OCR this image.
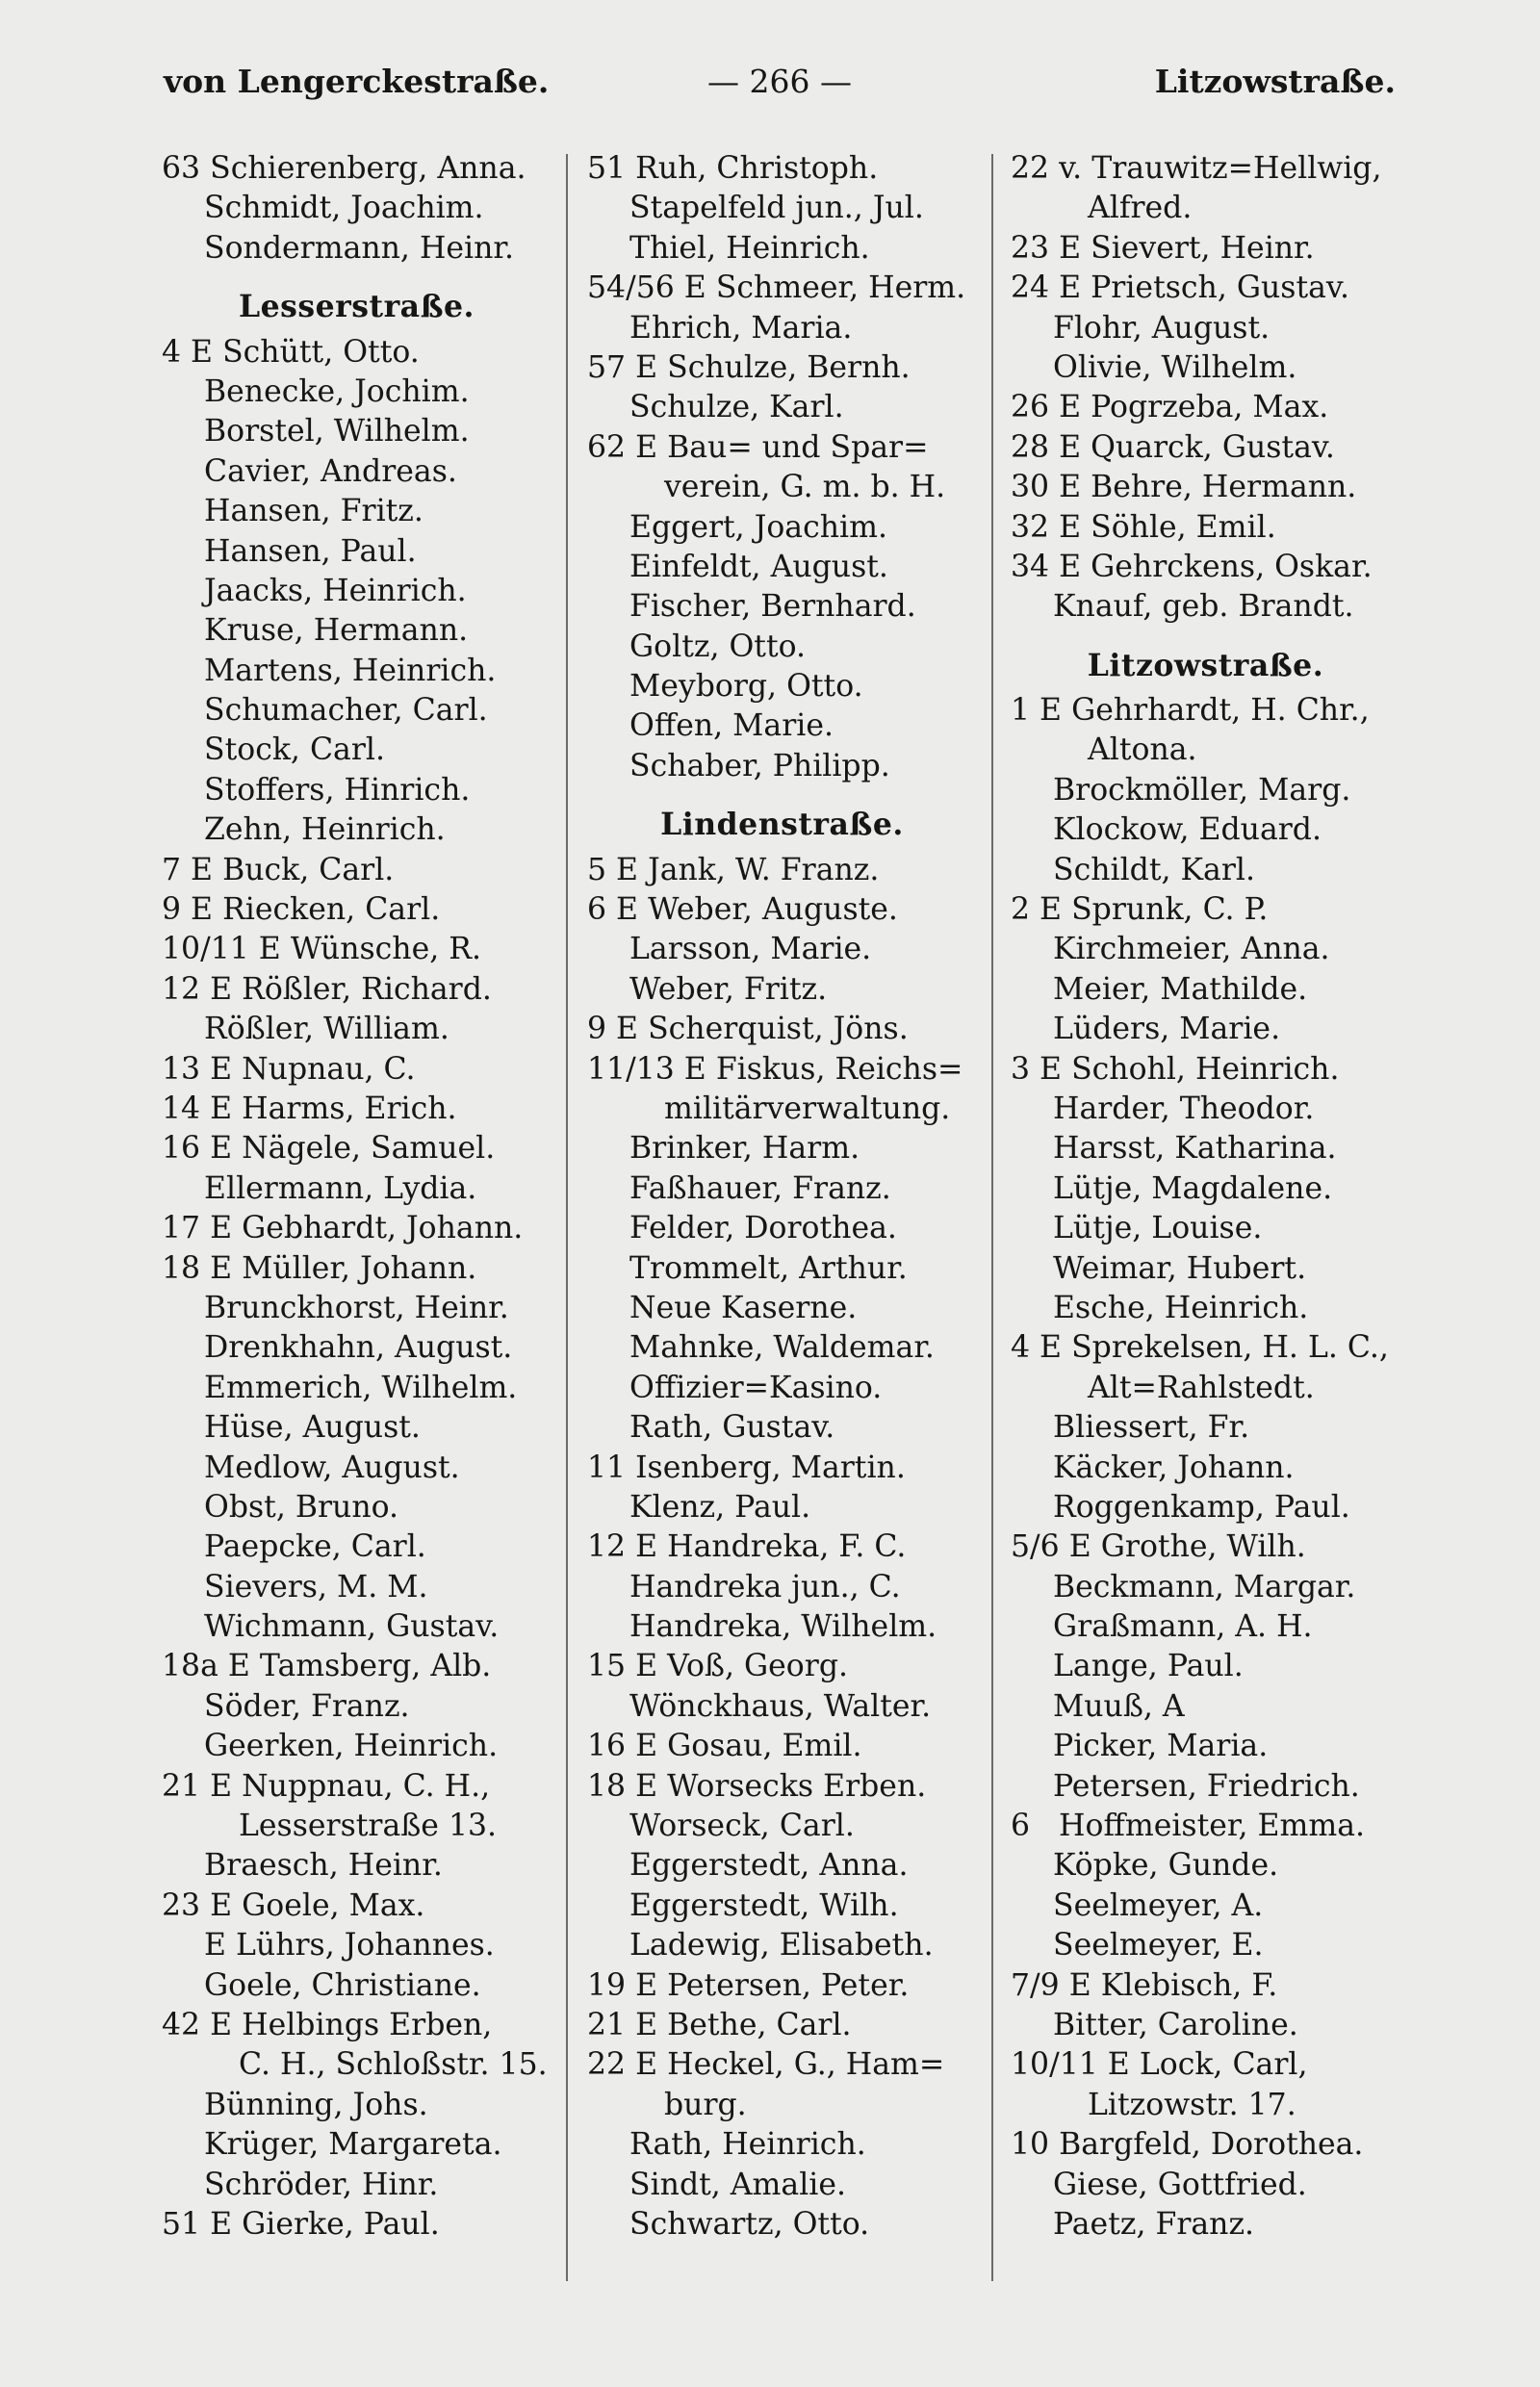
von Lengerckestraße.	— 266 —	Litzowstraße.
63 Schierenberg, Anna.
Schmidt, Joachim.
Sondermann, Heinr.
Lesserstraße.
4 E Schütt, Otto.
Benecke, Jochim.
Borstel, Wilhelm.
Cavier, Andreas.
Hansen, Fritz.
Hansen, Paul.
Jaacks, Heinrich.
Kruse, Hermann.
Martens, Heinrich.
Schumacher, Carl.
Stock, Carl.
Stoffers, Hinrich.
Zehn, Heinrich.
7 E Buck, Carl.
9 E Riecken, Carl.
10/11 E Wünsche, R.
12 E Rößler, Richard.
Rößler, William.
13 E Nupnau, C.
14 E Harms, Erich.
16 E Nägele, Samuel.
Ellermann, Lydia.
17 E Gebhardt, Johann.
18 E Müller, Johann.
Brunckhorst, Heinr.
Drenkhahn, August.
Emmerich, Wilhelm.
Hüse, August.
Medlow, August.
Obst, Bruno.
Paepcke, Carl.
Sievers, M. M.
Wichmann, Gustav.
18a E Tamsberg, Alb.
Söder, Franz.
Geerken, Heinrich.
21 E Nuppnau, C. H.,
Lesserstraße 13.
Braesch, Heinr.
23 E Goele, Max.
E Lührs, Johannes.
Goele, Christiane.
42 E Helbings Erben,
C. H., Schloßstr. 15.
Bünning, Johs.
Krüger, Margareta.
Schröder, Hinr.
51 E Gierke, Paul.
51 Ruh, Christoph.
Stapelfeld jun., Jul.
Thiel, Heinrich.
54/56 E Schmeer, Herm.
Ehrich, Maria.
57 E Schulze, Bernh.
Schulze, Karl.
62 E Bau= und Spar=
verein, G. m. b. H.
Eggert, Joachim.
Einfeldt, August.
Fischer, Bernhard.
Goltz, Otto.
Meyborg, Otto.
Offen, Marie.
Schaber, Philipp.
Lindenstraße.
5 E Jank, W. Franz.
6 E Weber, Auguste.
Larsson, Marie.
Weber, Fritz.
9 E Scherquist, Jöns.
11/13 E Fiskus, Reichs=
militärverwaltung.
Brinker, Harm.
Faßhauer, Franz.
Felder, Dorothea.
Trommelt, Arthur.
Neue Kaserne.
Mahnke, Waldemar.
Offizier=Kasino.
Rath, Gustav.
11 Isenberg, Martin.
Klenz, Paul.
12 E Handreka, F. C.
Handreka jun., C.
Handreka, Wilhelm.
15 E Voß, Georg.
Wönckhaus, Walter.
16 E Gosau, Emil.
18 E Worsecks Erben.
Worseck, Carl.
Eggerstedt, Anna.
Eggerstedt, Wilh.
Ladewig, Elisabeth.
19 E Petersen, Peter.
21 E Bethe, Carl.
22 E Heckel, G., Ham=
burg.
Rath, Heinrich.
Sindt, Amalie.
Schwartz, Otto.
22 v. Trauwitz=Hellwig,
Alfred.
23 E Sievert, Heinr.
24 E Prietsch, Gustav.
Flohr, August.
Olivie, Wilhelm.
26 E Pogrzeba, Max.
28 E Quarck, Gustav.
30 E Behre, Hermann.
32 E Söhle, Emil.
34 E Gehrckens, Oskar.
Knauf, geb. Brandt.
Litzowstraße.
1 E Gehrhardt, H. Chr.,
Altona.
Brockmöller, Marg.
Klockow, Eduard.
Schildt, Karl.
2 E Sprunk, C. P.
Kirchmeier, Anna.
Meier, Mathilde.
Lüders, Marie.
3 E Schohl, Heinrich.
Harder, Theodor.
Harsst, Katharina.
Lütje, Magdalene.
Lütje, Louise.
Weimar, Hubert.
Esche, Heinrich.
4 E Sprekelsen, H. L. C.,
Alt=Rahlstedt.
Bliessert, Fr.
Käcker, Johann.
Roggenkamp, Paul.
5/6 E Grothe, Wilh.
Beckmann, Margar.
Graßmann, A. H.
Lange, Paul.
Muuß, A
Picker, Maria.
Petersen, Friedrich.
6 Hoffmeister, Emma.
Köpke, Gunde.
Seelmeyer, A.
Seelmeyer, E.
7/9 E Klebisch, F.
Bitter, Caroline.
10/11 E Lock, Carl,
Litzowstr. 17.
10 Bargfeld, Dorothea.
Giese, Gottfried.
Paetz, Franz.
